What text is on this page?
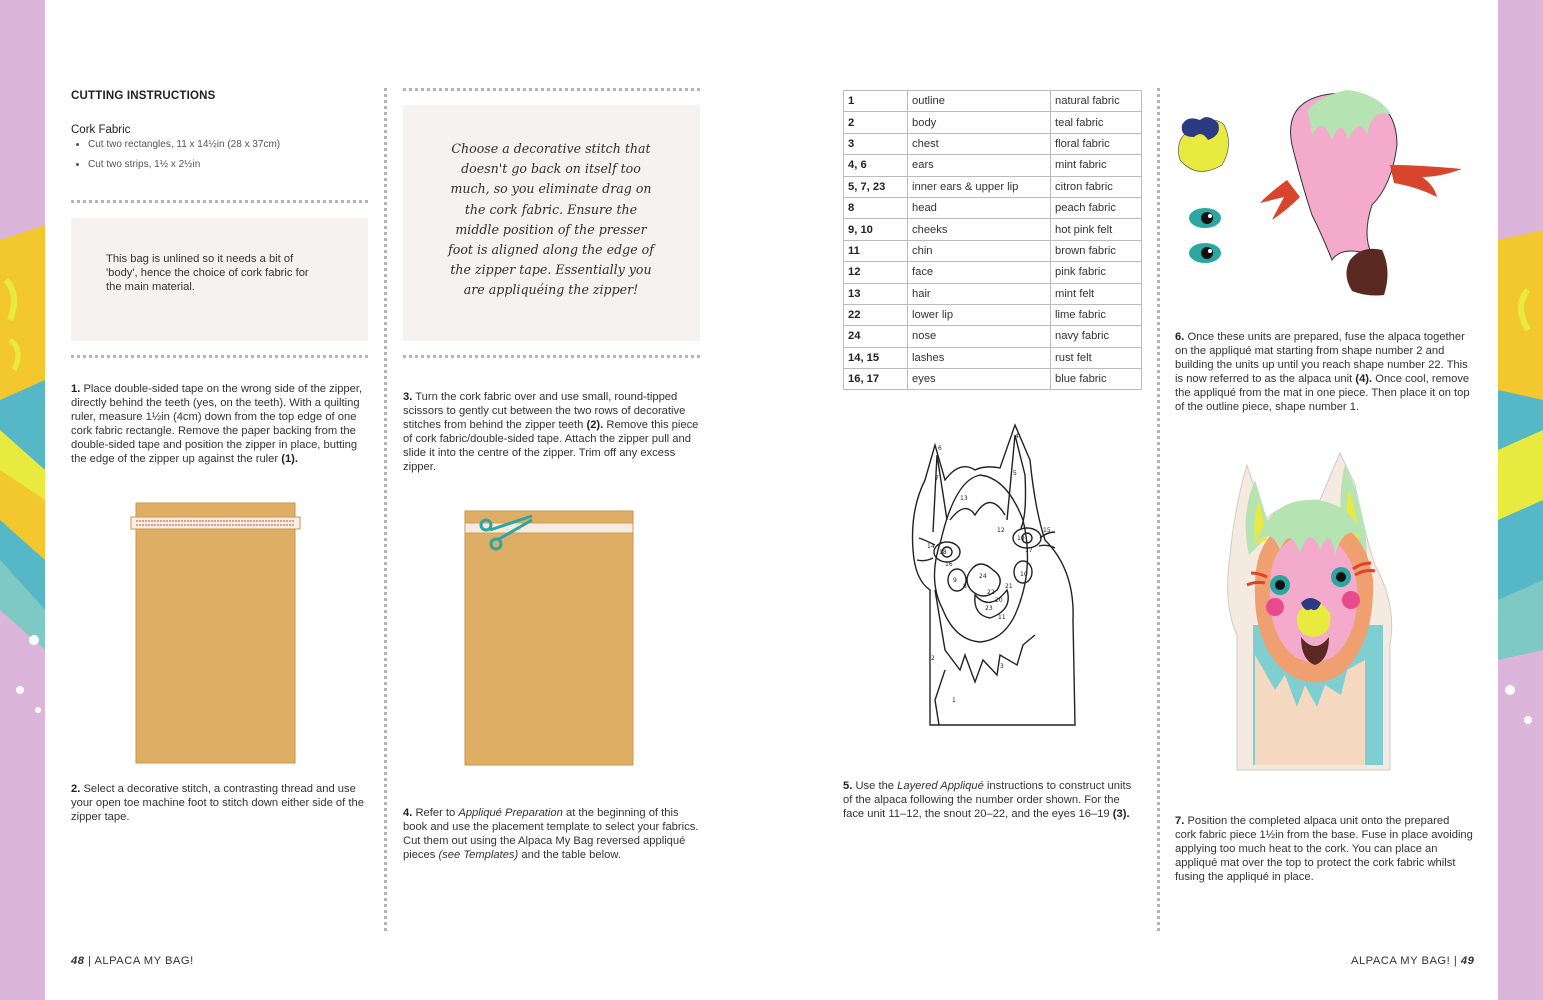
CUTTING INSTRUCTIONS
Cork Fabric
• Cut two rectangles, 11 x 14½in (28 x 37cm)
• Cut two strips, 1½ x 2½in
This bag is unlined so it needs a bit of 'body', hence the choice of cork fabric for the main material.
1. Place double-sided tape on the wrong side of the zipper, directly behind the teeth (yes, on the teeth). With a quilting ruler, measure 1½in (4cm) down from the top edge of one cork fabric rectangle. Remove the paper backing from the double-sided tape and position the zipper in place, butting the edge of the zipper up against the ruler (1).
2. Select a decorative stitch, a contrasting thread and use your open toe machine foot to stitch down either side of the zipper tape.
Choose a decorative stitch that doesn't go back on itself too much, so you eliminate drag on the cork fabric. Ensure the middle position of the presser foot is aligned along the edge of the zipper tape. Essentially you are appliquéing the zipper!
3. Turn the cork fabric over and use small, round-tipped scissors to gently cut between the two rows of decorative stitches from behind the zipper teeth (2). Remove this piece of cork fabric/double-sided tape. Attach the zipper pull and slide it into the centre of the zipper. Trim off any excess zipper.
4. Refer to Appliqué Preparation at the beginning of this book and use the placement template to select your fabrics. Cut them out using the Alpaca My Bag reversed appliqué pieces (see Templates) and the table below.
48 | ALPACA MY BAG!
1	outline	natural fabric
2	body	teal fabric
3	chest	floral fabric
4, 6	ears	mint fabric
5, 7, 23	inner ears & upper lip	citron fabric
8	head	peach fabric
9, 10	cheeks	hot pink felt
11	chin	brown fabric
12	face	pink fabric
13	hair	mint felt
22	lower lip	lime fabric
24	nose	navy fabric
14, 15	lashes	rust felt
16, 17	eyes	blue fabric
4
6
5
7
13
12
14
15
18
19
16
17
8
9
10
24
21
22
20
23
11
2
3
1
5. Use the Layered Appliqué instructions to construct units of the alpaca following the number order shown. For the face unit 11–12, the snout 20–22, and the eyes 16–19 (3).
6. Once these units are prepared, fuse the alpaca together on the appliqué mat starting from shape number 2 and building the units up until you reach shape number 22. This is now referred to as the alpaca unit (4). Once cool, remove the appliqué from the mat in one piece. Then place it on top of the outline piece, shape number 1.
7. Position the completed alpaca unit onto the prepared cork fabric piece 1½in from the base. Fuse in place avoiding applying too much heat to the cork. You can place an appliqué mat over the top to protect the cork fabric whilst fusing the appliqué in place.
ALPACA MY BAG! | 49
